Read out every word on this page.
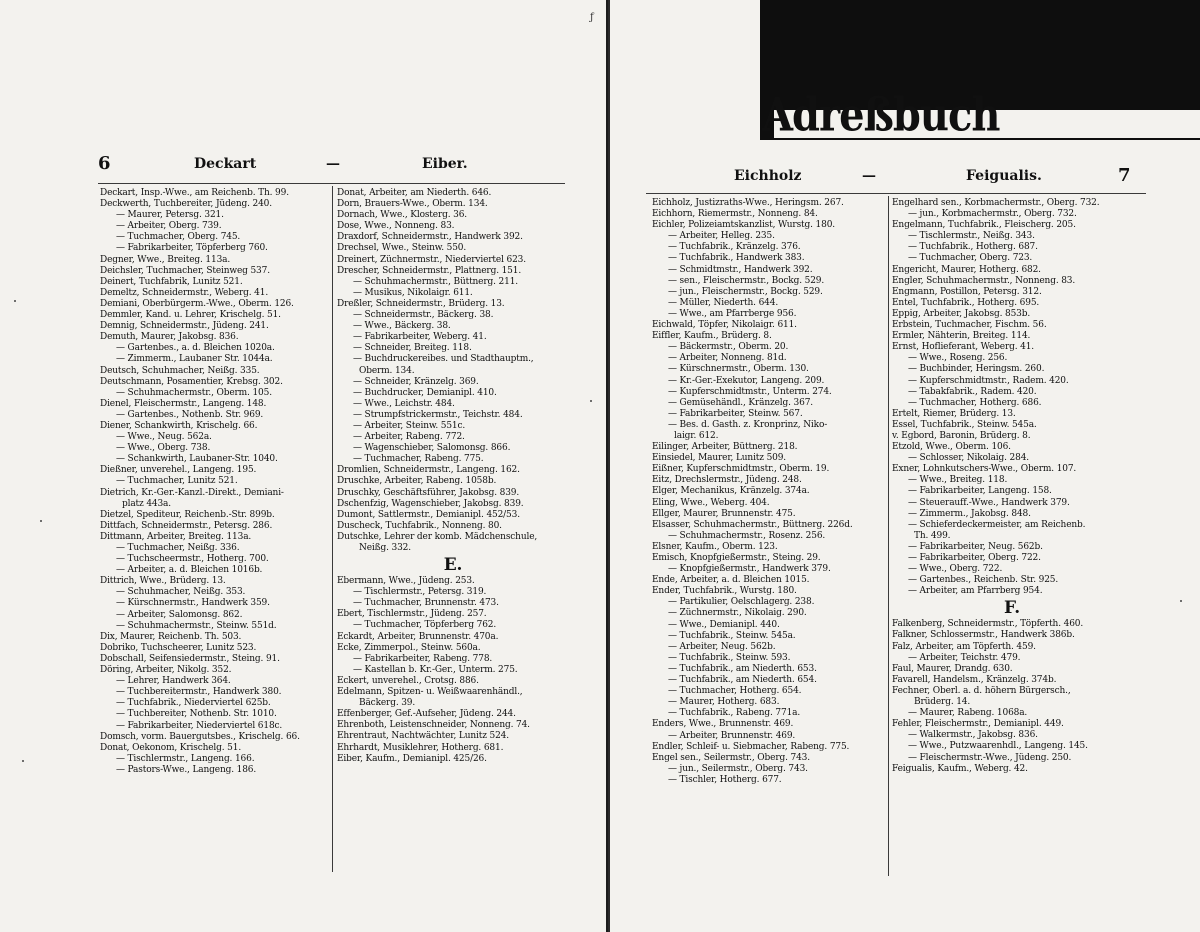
6	Deckart	—	Eiber.
Deckart, Insp.-Wwe., am Reichenb. Th. 99.
Deckwerth, Tuchbereiter, Jüdeng. 240.
— Maurer, Petersg. 321.
— Arbeiter, Oberg. 739.
— Tuchmacher, Oberg. 745.
— Fabrikarbeiter, Töpferberg 760.
Degner, Wwe., Breiteg. 113a.
Deichsler, Tuchmacher, Steinweg 537.
Deinert, Tuchfabrik, Lunitz 521.
Demeltz, Schneidermstr., Weberg. 41.
Demiani, Oberbürgerm.-Wwe., Oberm. 126.
Demmler, Kand. u. Lehrer, Krischelg. 51.
Demnig, Schneidermstr., Jüdeng. 241.
Demuth, Maurer, Jakobsg. 836.
— Gartenbes., a. d. Bleichen 1020a.
— Zimmerm., Laubaner Str. 1044a.
Deutsch, Schuhmacher, Neißg. 335.
Deutschmann, Posamentier, Krebsg. 302.
— Schuhmachermstr., Oberm. 105.
Dienel, Fleischermstr., Langeng. 148.
— Gartenbes., Nothenb. Str. 969.
Diener, Schankwirth, Krischelg. 66.
— Wwe., Neug. 562a.
— Wwe., Oberg. 738.
— Schankwirth, Laubaner-Str. 1040.
Dießner, unverehel., Langeng. 195.
— Tuchmacher, Lunitz 521.
Dietrich, Kr.-Ger.-Kanzl.-Direkt., Demiani-
platz 443a.
Dietzel, Spediteur, Reichenb.-Str. 899b.
Dittfach, Schneidermstr., Petersg. 286.
Dittmann, Arbeiter, Breiteg. 113a.
— Tuchmacher, Neißg. 336.
— Tuchscheermstr., Hotherg. 700.
— Arbeiter, a. d. Bleichen 1016b.
Dittrich, Wwe., Brüderg. 13.
— Schuhmacher, Neißg. 353.
— Kürschnermstr., Handwerk 359.
— Arbeiter, Salomonsg. 862.
— Schuhmachermstr., Steinw. 551d.
Dix, Maurer, Reichenb. Th. 503.
Dobriko, Tuchscheerer, Lunitz 523.
Dobschall, Seifensiedermstr., Steing. 91.
Döring, Arbeiter, Nikolg. 352.
— Lehrer, Handwerk 364.
— Tuchbereitermstr., Handwerk 380.
— Tuchfabrik., Niederviertel 625b.
— Tuchbereiter, Nothenb. Str. 1010.
— Fabrikarbeiter, Niederviertel 618c.
Domsch, vorm. Bauergutsbes., Krischelg. 66.
Donat, Oekonom, Krischelg. 51.
— Tischlermstr., Langeng. 166.
— Pastors-Wwe., Langeng. 186.
Donat, Arbeiter, am Niederth. 646.
Dorn, Brauers-Wwe., Oberm. 134.
Dornach, Wwe., Klosterg. 36.
Dose, Wwe., Nonneng. 83.
Draxdorf, Schneidermstr., Handwerk 392.
Drechsel, Wwe., Steinw. 550.
Dreinert, Züchnermstr., Niederviertel 623.
Drescher, Schneidermstr., Plattnerg. 151.
— Schuhmachermstr., Büttnerg. 211.
— Musikus, Nikolaigr. 611.
Dreßler, Schneidermstr., Brüderg. 13.
— Schneidermstr., Bäckerg. 38.
— Wwe., Bäckerg. 38.
— Fabrikarbeiter, Weberg. 41.
— Schneider, Breiteg. 118.
— Buchdruckereibes. und Stadthauptm.,
Oberm. 134.
— Schneider, Kränzelg. 369.
— Buchdrucker, Demianipl. 410.
— Wwe., Leichstr. 484.
— Strumpfstrickermstr., Teichstr. 484.
— Arbeiter, Steinw. 551c.
— Arbeiter, Rabeng. 772.
— Wagenschieber, Salomonsg. 866.
— Tuchmacher, Rabeng. 775.
Dromlien, Schneidermstr., Langeng. 162.
Druschke, Arbeiter, Rabeng. 1058b.
Druschky, Geschäftsführer, Jakobsg. 839.
Dschenfzig, Wagenschieber, Jakobsg. 839.
Dumont, Sattlermstr., Demianipl. 452/53.
Duscheck, Tuchfabrik., Nonneng. 80.
Dutschke, Lehrer der komb. Mädchenschule,
Neißg. 332.
E.
Ebermann, Wwe., Jüdeng. 253.
— Tischlermstr., Petersg. 319.
— Tuchmacher, Brunnenstr. 473.
Ebert, Tischlermstr., Jüdeng. 257.
— Tuchmacher, Töpferberg 762.
Eckardt, Arbeiter, Brunnenstr. 470a.
Ecke, Zimmerpol., Steinw. 560a.
— Fabrikarbeiter, Rabeng. 778.
— Kastellan b. Kr.-Ger., Unterm. 275.
Eckert, unverehel., Crotsg. 886.
Edelmann, Spitzen- u. Weißwaarenhändl.,
Bäckerg. 39.
Effenberger, Gef.-Aufseher, Jüdeng. 244.
Ehrenboth, Leistenschneider, Nonneng. 74.
Ehrentraut, Nachtwächter, Lunitz 524.
Ehrhardt, Musiklehrer, Hotherg. 681.
Eiber, Kaufm., Demianipl. 425/26.
Eichholz	—	Feigualis.	7
Eichholz, Justizraths-Wwe., Heringsm. 267.
Eichhorn, Riemermstr., Nonneng. 84.
Eichler, Polizeiamtskanzlist, Wurstg. 180.
— Arbeiter, Helleg. 235.
— Tuchfabrik., Kränzelg. 376.
— Tuchfabrik., Handwerk 383.
— Schmidtmstr., Handwerk 392.
— sen., Fleischermstr., Bockg. 529.
— jun., Fleischermstr., Bockg. 529.
— Müller, Niederth. 644.
— Wwe., am Pfarrberge 956.
Eichwald, Töpfer, Nikolaigr. 611.
Eiffler, Kaufm., Brüderg. 8.
— Bäckermstr., Oberm. 20.
— Arbeiter, Nonneng. 81d.
— Kürschnermstr., Oberm. 130.
— Kr.-Ger.-Exekutor, Langeng. 209.
— Kupferschmidtmstr., Unterm. 274.
— Gemüsehändl., Kränzelg. 367.
— Fabrikarbeiter, Steinw. 567.
— Bes. d. Gasth. z. Kronprinz, Niko-
laigr. 612.
Eilinger, Arbeiter, Büttnerg. 218.
Einsiedel, Maurer, Lunitz 509.
Eißner, Kupferschmidtmstr., Oberm. 19.
Eitz, Drechslermstr., Jüdeng. 248.
Elger, Mechanikus, Kränzelg. 374a.
Eling, Wwe., Weberg. 404.
Ellger, Maurer, Brunnenstr. 475.
Elsasser, Schuhmachermstr., Büttnerg. 226d.
— Schuhmachermstr., Rosenz. 256.
Elsner, Kaufm., Oberm. 123.
Emisch, Knopfgießermstr., Steing. 29.
— Knopfgießermstr., Handwerk 379.
Ende, Arbeiter, a. d. Bleichen 1015.
Ender, Tuchfabrik., Wurstg. 180.
— Partikulier, Oelschlagerg. 238.
— Züchnermstr., Nikolaig. 290.
— Wwe., Demianipl. 440.
— Tuchfabrik., Steinw. 545a.
— Arbeiter, Neug. 562b.
— Tuchfabrik., Steinw. 593.
— Tuchfabrik., am Niederth. 653.
— Tuchfabrik., am Niederth. 654.
— Tuchmacher, Hotherg. 654.
— Maurer, Hotherg. 683.
— Tuchfabrik., Rabeng. 771a.
Enders, Wwe., Brunnenstr. 469.
— Arbeiter, Brunnenstr. 469.
Endler, Schleif- u. Siebmacher, Rabeng. 775.
Engel sen., Seilermstr., Oberg. 743.
— jun., Seilermstr., Oberg. 743.
— Tischler, Hotherg. 677.
Engelhard sen., Korbmachermstr., Oberg. 732.
— jun., Korbmachermstr., Oberg. 732.
Engelmann, Tuchfabrik., Fleischerg. 205.
— Tischlermstr., Neißg. 343.
— Tuchfabrik., Hotherg. 687.
— Tuchmacher, Oberg. 723.
Engericht, Maurer, Hotherg. 682.
Engler, Schuhmachermstr., Nonneng. 83.
Engmann, Postillon, Petersg. 312.
Entel, Tuchfabrik., Hotherg. 695.
Eppig, Arbeiter, Jakobsg. 853b.
Erbstein, Tuchmacher, Fischm. 56.
Ermler, Nähterin, Breiteg. 114.
Ernst, Hoflieferant, Weberg. 41.
— Wwe., Roseng. 256.
— Buchbinder, Heringsm. 260.
— Kupferschmidtmstr., Radem. 420.
— Tabakfabrik., Radem. 420.
— Tuchmacher, Hotherg. 686.
Ertelt, Riemer, Brüderg. 13.
Essel, Tuchfabrik., Steinw. 545a.
v. Egbord, Baronin, Brüderg. 8.
Etzold, Wwe., Oberm. 106.
— Schlosser, Nikolaig. 284.
Exner, Lohnkutschers-Wwe., Oberm. 107.
— Wwe., Breiteg. 118.
— Fabrikarbeiter, Langeng. 158.
— Steuerauff.-Wwe., Handwerk 379.
— Zimmerm., Jakobsg. 848.
— Schieferdeckermeister, am Reichenb.
Th. 499.
— Fabrikarbeiter, Neug. 562b.
— Fabrikarbeiter, Oberg. 722.
— Wwe., Oberg. 722.
— Gartenbes., Reichenb. Str. 925.
— Arbeiter, am Pfarrberg 954.
F.
Falkenberg, Schneidermstr., Töpferth. 460.
Falkner, Schlossermstr., Handwerk 386b.
Falz, Arbeiter, am Töpferth. 459.
— Arbeiter, Teichstr. 479.
Faul, Maurer, Drandg. 630.
Favarell, Handelsm., Kränzelg. 374b.
Fechner, Oberl. a. d. höhern Bürgersch.,
Brüderg. 14.
— Maurer, Rabeng. 1068a.
Fehler, Fleischermstr., Demianipl. 449.
— Walkermstr., Jakobsg. 836.
— Wwe., Putzwaarenhdl., Langeng. 145.
— Fleischermstr.-Wwe., Jüdeng. 250.
Feigualis, Kaufm., Weberg. 42.
Adreßbuch
ƒ
